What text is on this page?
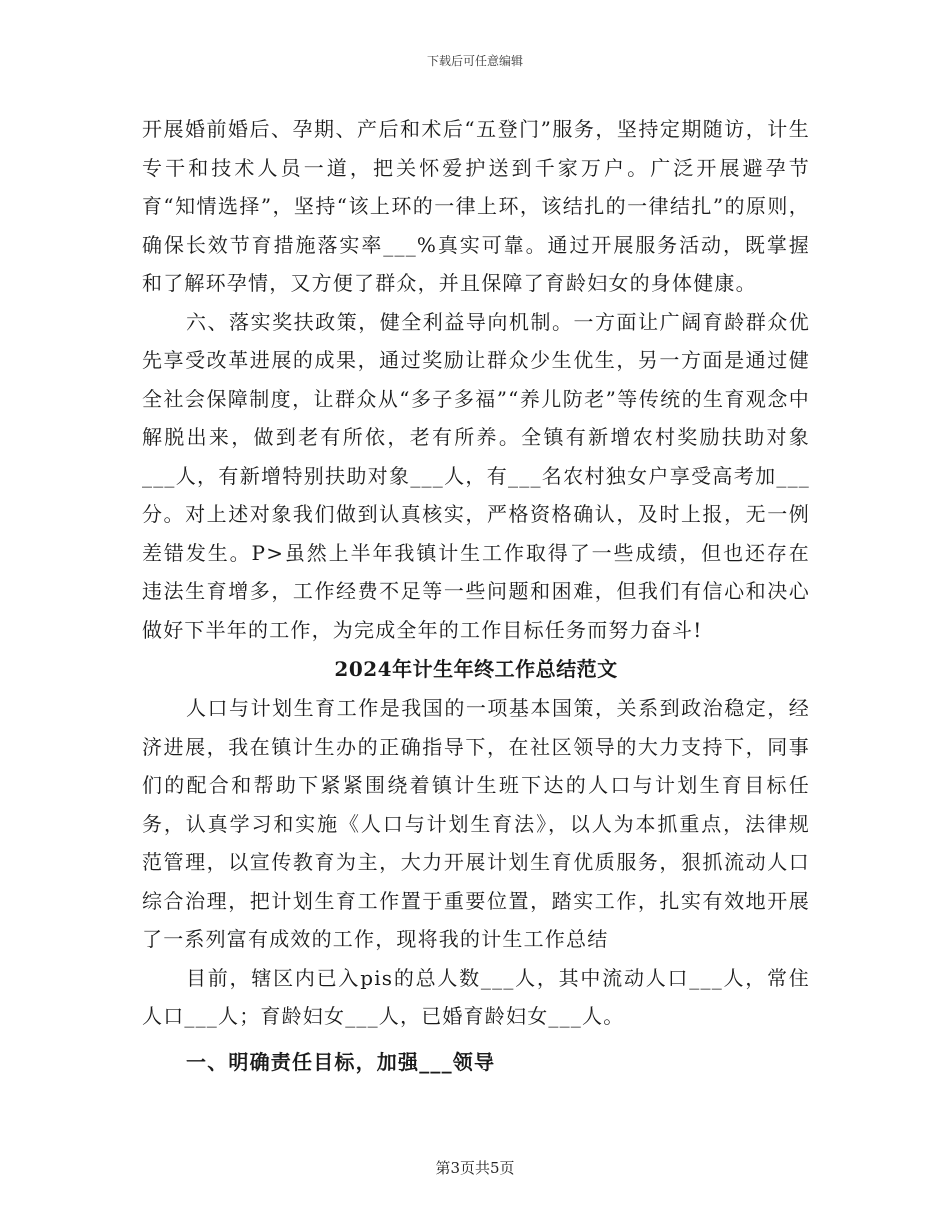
下载后可任意编辑

开展婚前婚后、孕期、产后和术后“五登门”服务，坚持定期随访，计生专干和技术人员一道，把关怀爱护送到千家万户。广泛开展避孕节育“知情选择”，坚持“该上环的一律上环，该结扎的一律结扎”的原则，确保长效节育措施落实率___%真实可靠。通过开展服务活动，既掌握和了解环孕情，又方便了群众，并且保障了育龄妇女的身体健康。

六、落实奖扶政策，健全利益导向机制。一方面让广阔育龄群众优先享受改革进展的成果，通过奖励让群众少生优生，另一方面是通过健全社会保障制度，让群众从“多子多福”“养儿防老”等传统的生育观念中解脱出来，做到老有所依，老有所养。全镇有新增农村奖励扶助对象___人，有新增特别扶助对象___人，有___名农村独女户享受高考加___分。对上述对象我们做到认真核实，严格资格确认，及时上报，无一例差错发生。P>虽然上半年我镇计生工作取得了一些成绩，但也还存在违法生育增多，工作经费不足等一些问题和困难，但我们有信心和决心做好下半年的工作，为完成全年的工作目标任务而努力奋斗!

2024年计生年终工作总结范文

人口与计划生育工作是我国的一项基本国策，关系到政治稳定，经济进展，我在镇计生办的正确指导下，在社区领导的大力支持下，同事们的配合和帮助下紧紧围绕着镇计生班下达的人口与计划生育目标任务，认真学习和实施《人口与计划生育法》，以人为本抓重点，法律规范管理，以宣传教育为主，大力开展计划生育优质服务，狠抓流动人口综合治理，把计划生育工作置于重要位置，踏实工作，扎实有效地开展了一系列富有成效的工作，现将我的计生工作总结

目前，辖区内已入pis的总人数___人，其中流动人口___人，常住人口___人；育龄妇女___人，已婚育龄妇女___人。

一、明确责任目标，加强___领导
第3页共5页
